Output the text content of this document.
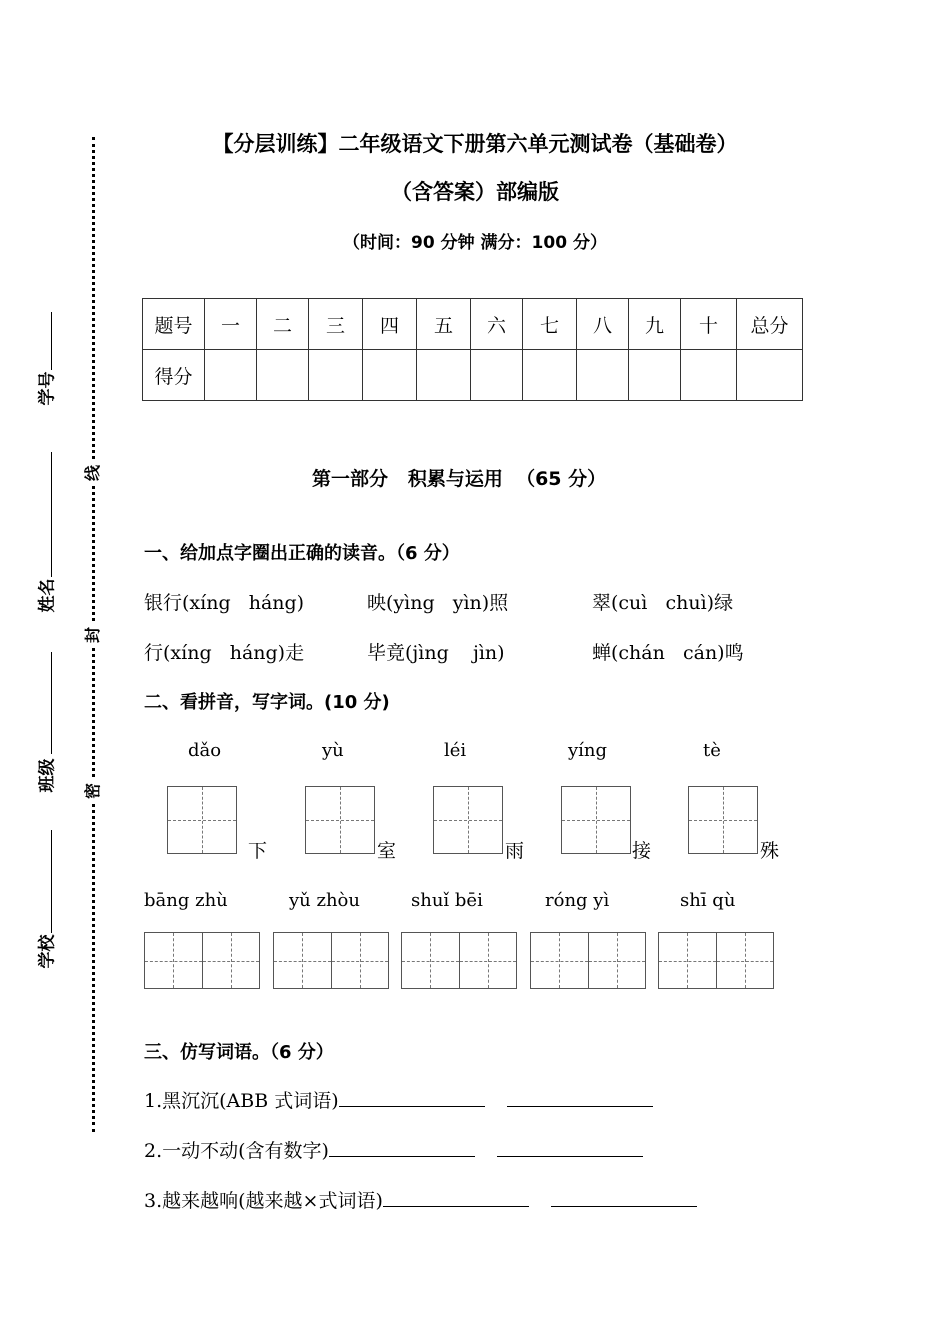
学号
姓名
班级
学校
线
封
密
【分层训练】二年级语文下册第六单元测试卷（基础卷）
（含答案）部编版
（时间：90 分钟 满分：100 分）
题号	一	二	三	四	五	六	七	八	九	十	总分
得分											
第一部分   积累与运用  （65 分）
一、给加点字圈出正确的读音。（6 分）
银行(xíng   háng)	映(yìng   yìn)照	翠(cuì   chuì)绿
行(xíng   háng)走	毕竟(jìng    jìn)	蝉(chán   cán)鸣
二、看拼音，写字词。(10 分)
dǎo
下
yù
室
léi
雨
yíng
接
tè
殊
bāng zhù	yǔ zhòu	shuǐ bēi	róng yì	shī qù
三、仿写词语。（6 分）
1.黑沉沉(ABB 式词语)
2.一动不动(含有数字)
3.越来越响(越来越×式词语)
